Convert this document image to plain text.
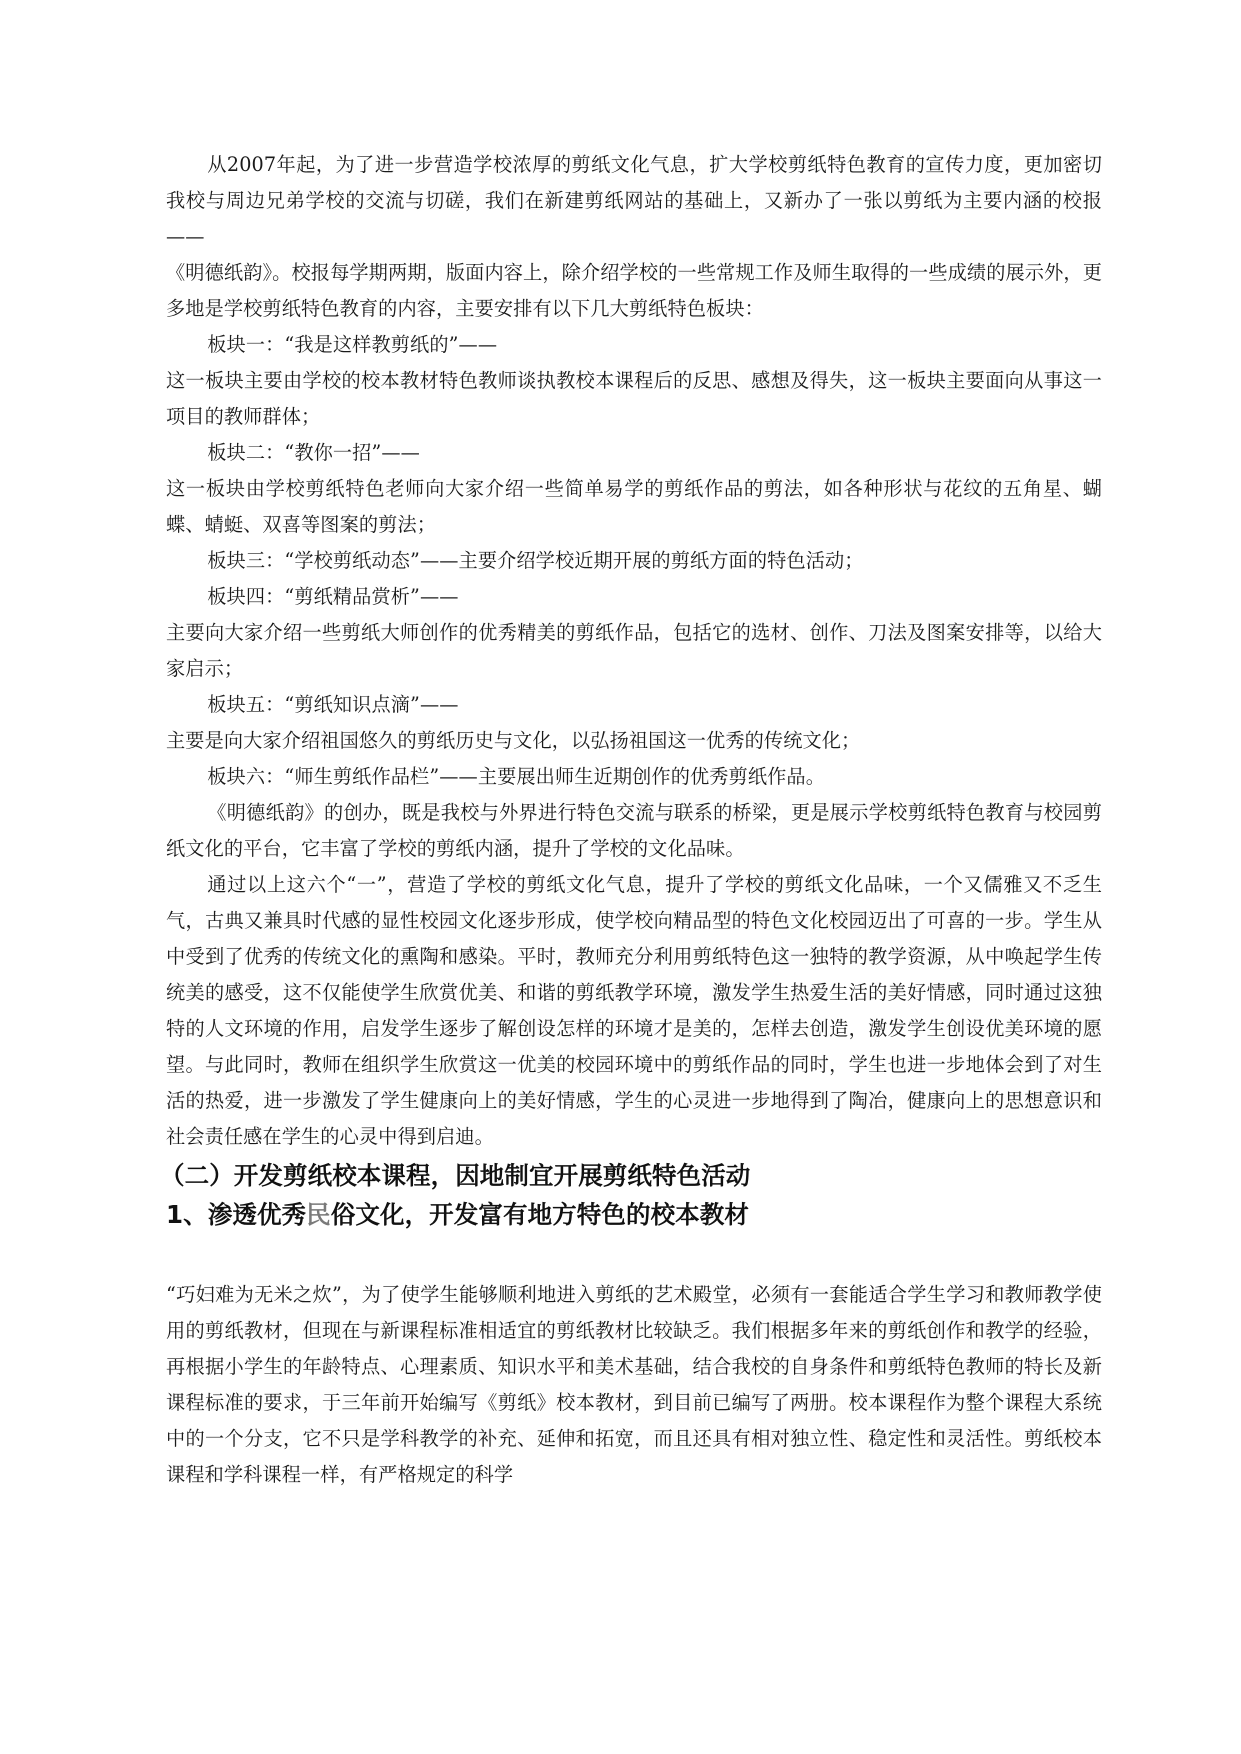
从2007年起，为了进一步营造学校浓厚的剪纸文化气息，扩大学校剪纸特色教育的宣传力度，更加密切我校与周边兄弟学校的交流与切磋，我们在新建剪纸网站的基础上，又新办了一张以剪纸为主要内涵的校报——

《明德纸韵》。校报每学期两期，版面内容上，除介绍学校的一些常规工作及师生取得的一些成绩的展示外，更多地是学校剪纸特色教育的内容，主要安排有以下几大剪纸特色板块：

板块一：“我是这样教剪纸的”——

这一板块主要由学校的校本教材特色教师谈执教校本课程后的反思、感想及得失，这一板块主要面向从事这一项目的教师群体；

板块二：“教你一招”——

这一板块由学校剪纸特色老师向大家介绍一些简单易学的剪纸作品的剪法，如各种形状与花纹的五角星、蝴蝶、蜻蜓、双喜等图案的剪法；

板块三：“学校剪纸动态”——主要介绍学校近期开展的剪纸方面的特色活动；

板块四：“剪纸精品赏析”——

主要向大家介绍一些剪纸大师创作的优秀精美的剪纸作品，包括它的选材、创作、刀法及图案安排等，以给大家启示；

板块五：“剪纸知识点滴”——

主要是向大家介绍祖国悠久的剪纸历史与文化，以弘扬祖国这一优秀的传统文化；

板块六：“师生剪纸作品栏”——主要展出师生近期创作的优秀剪纸作品。

《明德纸韵》的创办，既是我校与外界进行特色交流与联系的桥梁，更是展示学校剪纸特色教育与校园剪纸文化的平台，它丰富了学校的剪纸内涵，提升了学校的文化品味。

通过以上这六个“一”，营造了学校的剪纸文化气息，提升了学校的剪纸文化品味，一个又儒雅又不乏生气，古典又兼具时代感的显性校园文化逐步形成，使学校向精品型的特色文化校园迈出了可喜的一步。学生从中受到了优秀的传统文化的熏陶和感染。平时，教师充分利用剪纸特色这一独特的教学资源，从中唤起学生传统美的感受，这不仅能使学生欣赏优美、和谐的剪纸教学环境，激发学生热爱生活的美好情感，同时通过这独特的人文环境的作用，启发学生逐步了解创设怎样的环境才是美的，怎样去创造，激发学生创设优美环境的愿望。与此同时，教师在组织学生欣赏这一优美的校园环境中的剪纸作品的同时，学生也进一步地体会到了对生活的热爱，进一步激发了学生健康向上的美好情感，学生的心灵进一步地得到了陶冶，健康向上的思想意识和社会责任感在学生的心灵中得到启迪。

（二）开发剪纸校本课程，因地制宜开展剪纸特色活动
1、渗透优秀民俗文化，开发富有地方特色的校本教材

“巧妇难为无米之炊”，为了使学生能够顺利地进入剪纸的艺术殿堂，必须有一套能适合学生学习和教师教学使用的剪纸教材，但现在与新课程标准相适宜的剪纸教材比较缺乏。我们根据多年来的剪纸创作和教学的经验，再根据小学生的年龄特点、心理素质、知识水平和美术基础，结合我校的自身条件和剪纸特色教师的特长及新课程标准的要求，于三年前开始编写《剪纸》校本教材，到目前已编写了两册。校本课程作为整个课程大系统中的一个分支，它不只是学科教学的补充、延伸和拓宽，而且还具有相对独立性、稳定性和灵活性。剪纸校本课程和学科课程一样，有严格规定的科学
